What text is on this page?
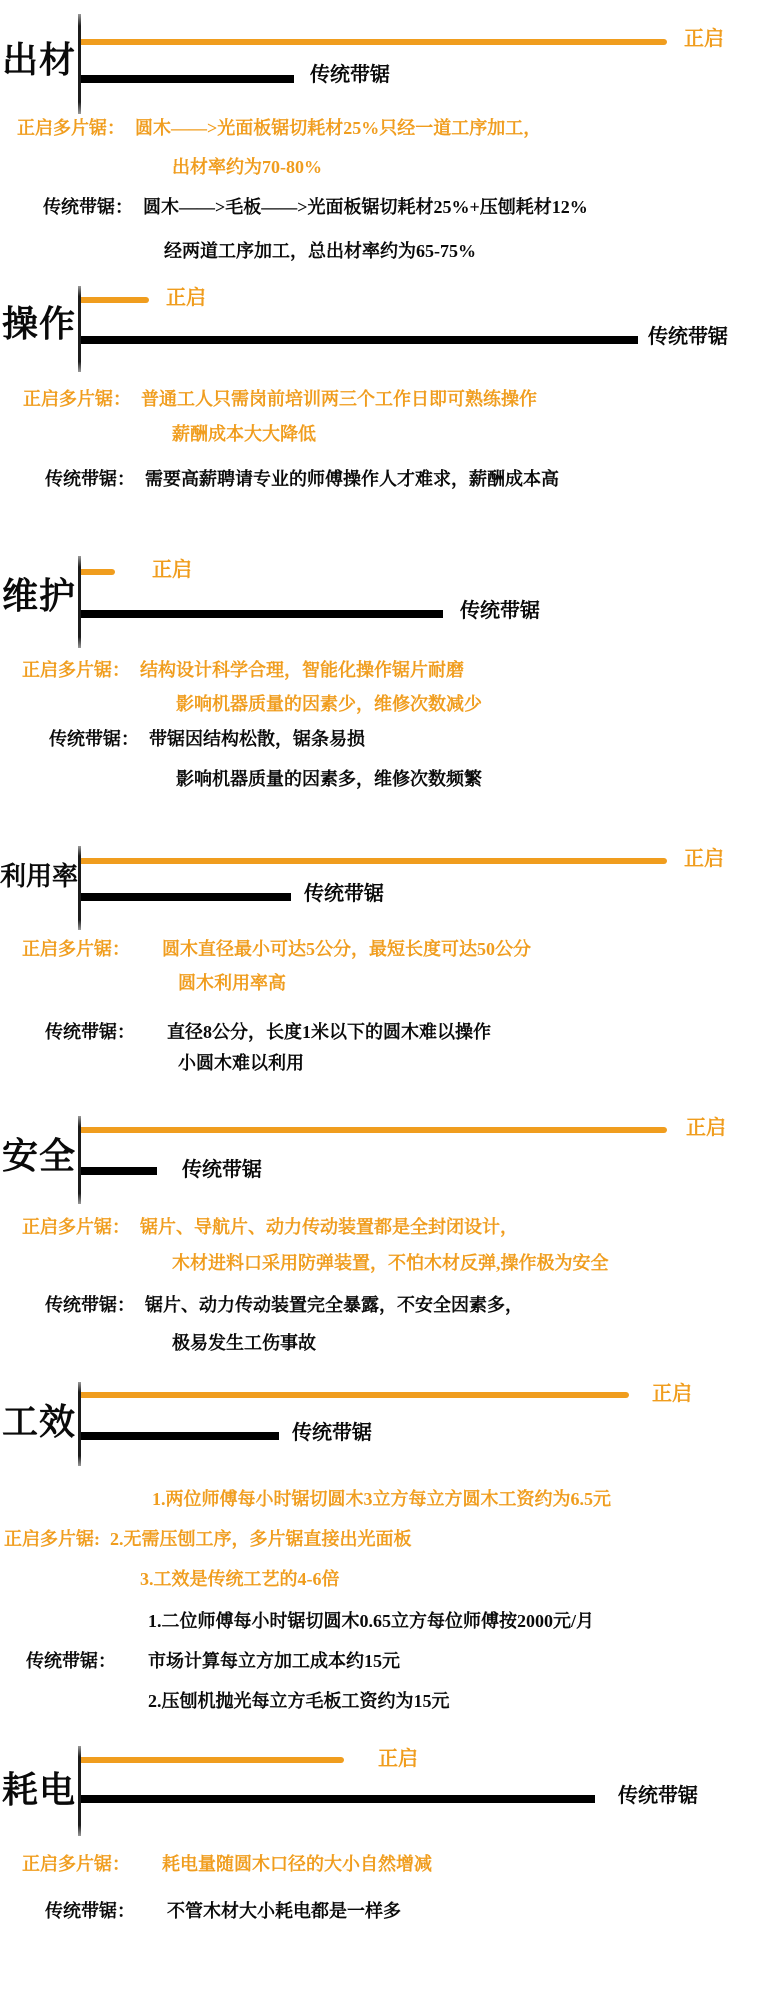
出材
正启
传统带锯
正启多片锯： 圆木——>光面板锯切耗材25%只经一道工序加工，
出材率约为70-80%
传统带锯： 圆木——>毛板——>光面板锯切耗材25%+压刨耗材12%
经两道工序加工，总出材率约为65-75%
操作
正启
传统带锯
正启多片锯： 普通工人只需岗前培训两三个工作日即可熟练操作
薪酬成本大大降低
传统带锯： 需要高薪聘请专业的师傅操作人才难求，薪酬成本高
维护
正启
传统带锯
正启多片锯： 结构设计科学合理，智能化操作锯片耐磨
影响机器质量的因素少，维修次数减少
传统带锯： 带锯因结构松散，锯条易损
影响机器质量的因素多，维修次数频繁
利用率
正启
传统带锯
正启多片锯： 圆木直径最小可达5公分，最短长度可达50公分
圆木利用率高
传统带锯： 直径8公分，长度1米以下的圆木难以操作
小圆木难以利用
安全
正启
传统带锯
正启多片锯： 锯片、导航片、动力传动装置都是全封闭设计，
木材进料口采用防弹装置，不怕木材反弹,操作极为安全
传统带锯： 锯片、动力传动装置完全暴露，不安全因素多，
极易发生工伤事故
工效
正启
传统带锯
1.两位师傅每小时锯切圆木3立方每立方圆木工资约为6.5元
正启多片锯: 2.无需压刨工序，多片锯直接出光面板
3.工效是传统工艺的4-6倍
1.二位师傅每小时锯切圆木0.65立方每位师傅按2000元/月
传统带锯： 市场计算每立方加工成本约15元
2.压刨机抛光每立方毛板工资约为15元
耗电
正启
传统带锯
正启多片锯： 耗电量随圆木口径的大小自然增减
传统带锯： 不管木材大小耗电都是一样多
